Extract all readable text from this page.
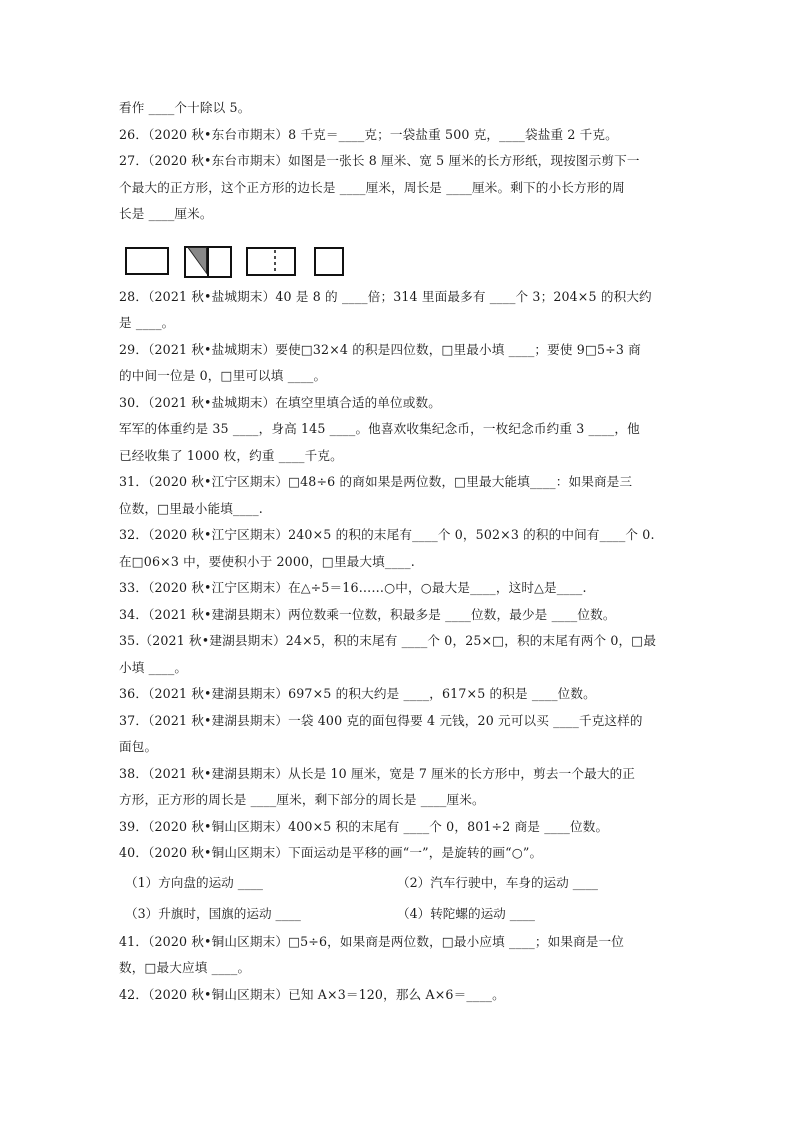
看作 ____个十除以 5。
26．（2020 秋•东台市期末）8 千克＝____克；一袋盐重 500 克，____袋盐重 2 千克。
27．（2020 秋•东台市期末）如图是一张长 8 厘米、宽 5 厘米的长方形纸，现按图示剪下一
个最大的正方形，这个正方形的边长是 ____厘米，周长是 ____厘米。剩下的小长方形的周
长是 ____厘米。
28．（2021 秋•盐城期末）40 是 8 的 ____倍；314 里面最多有 ____个 3；204×5 的积大约
是 ____。
29．（2021 秋•盐城期末）要使□32×4 的积是四位数，□里最小填 ____；要使 9□5÷3 商
的中间一位是 0，□里可以填 ____。
30．（2021 秋•盐城期末）在填空里填合适的单位或数。
军军的体重约是 35 ____，身高 145 ____。他喜欢收集纪念币，一枚纪念币约重 3 ____，他
已经收集了 1000 枚，约重 ____千克。
31．（2020 秋•江宁区期末）□48÷6 的商如果是两位数，□里最大能填____：如果商是三
位数，□里最小能填____.
32．（2020 秋•江宁区期末）240×5 的积的末尾有____个 0，502×3 的积的中间有____个 0.
在□06×3 中，要使积小于 2000，□里最大填____.
33．（2020 秋•江宁区期末）在△÷5＝16……○中，○最大是____，这时△是____.
34．（2021 秋•建湖县期末）两位数乘一位数，积最多是 ____位数，最少是 ____位数。
35.（2021 秋•建湖县期末）24×5，积的末尾有 ____个 0，25×□，积的末尾有两个 0，□最
小填 ____。
36．（2021 秋•建湖县期末）697×5 的积大约是 ____，617×5 的积是 ____位数。
37．（2021 秋•建湖县期末）一袋 400 克的面包得要 4 元钱，20 元可以买 ____千克这样的
面包。
38．（2021 秋•建湖县期末）从长是 10 厘米，宽是 7 厘米的长方形中，剪去一个最大的正
方形，正方形的周长是 ____厘米，剩下部分的周长是 ____厘米。
39．（2020 秋•铜山区期末）400×5 积的末尾有 ____个 0，801÷2 商是 ____位数。
40．（2020 秋•铜山区期末）下面运动是平移的画“一”，是旋转的画“○”。
（1）方向盘的运动 ____	（2）汽车行驶中，车身的运动 ____
（3）升旗时，国旗的运动 ____	（4）转陀螺的运动 ____
41．（2020 秋•铜山区期末）□5÷6，如果商是两位数，□最小应填 ____；如果商是一位
数，□最大应填 ____。
42．（2020 秋•铜山区期末）已知 A×3＝120，那么 A×6＝____。
